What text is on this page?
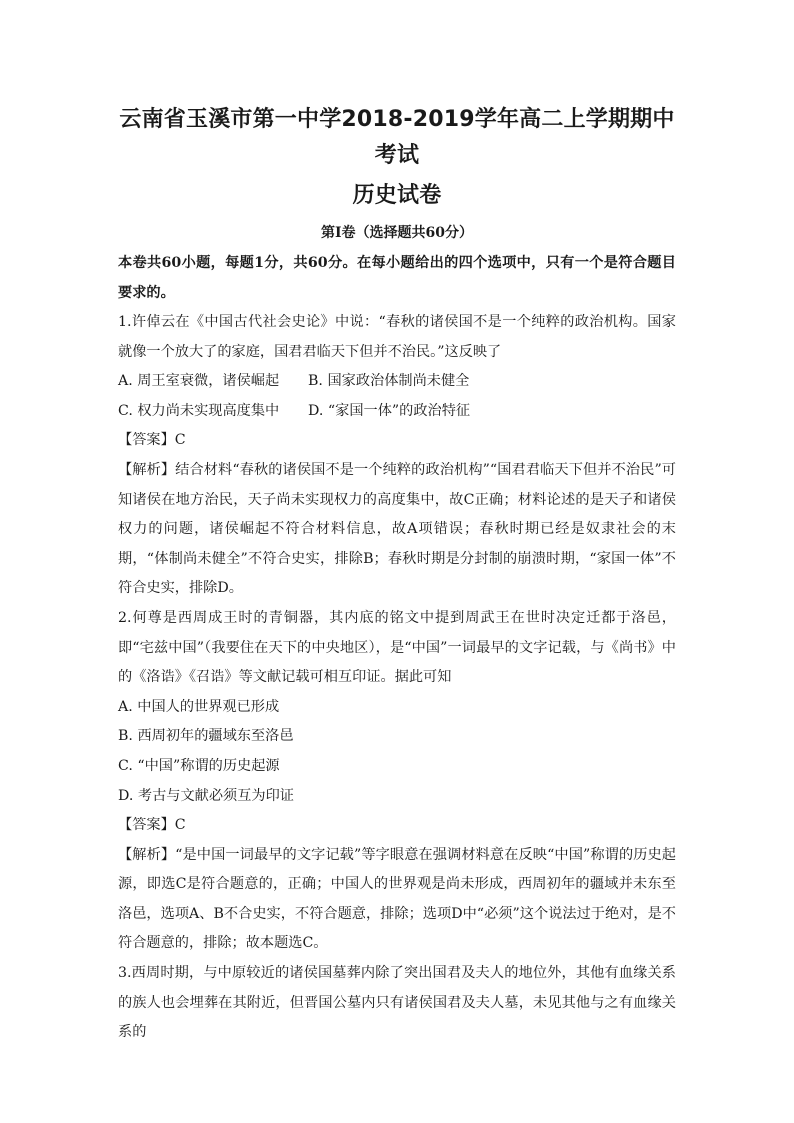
云南省玉溪市第一中学2018-2019学年高二上学期期中考试
历史试卷
第Ⅰ卷（选择题共60分）

本卷共60小题，每题1分，共60分。在每小题给出的四个选项中，只有一个是符合题目要求的。

1.许倬云在《中国古代社会史论》中说：“春秋的诸侯国不是一个纯粹的政治机构。国家就像一个放大了的家庭，国君君临天下但并不治民。”这反映了

A. 周王室衰微，诸侯崛起	B. 国家政治体制尚未健全

C. 权力尚未实现高度集中	D. “家国一体”的政治特征

【答案】C

【解析】结合材料“春秋的诸侯国不是一个纯粹的政治机构”“国君君临天下但并不治民”可知诸侯在地方治民，天子尚未实现权力的高度集中，故C正确；材料论述的是天子和诸侯权力的问题，诸侯崛起不符合材料信息，故A项错误；春秋时期已经是奴隶社会的末期，“体制尚未健全”不符合史实，排除B；春秋时期是分封制的崩溃时期，“家国一体”不符合史实，排除D。

2.何尊是西周成王时的青铜器，其内底的铭文中提到周武王在世时决定迁都于洛邑，即“宅兹中国”（我要住在天下的中央地区），是“中国”一词最早的文字记载，与《尚书》中的《洛诰》《召诰》等文献记载可相互印证。据此可知

A. 中国人的世界观已形成

B. 西周初年的疆域东至洛邑

C. “中国”称谓的历史起源

D. 考古与文献必须互为印证

【答案】C

【解析】“是中国一词最早的文字记载”等字眼意在强调材料意在反映“中国”称谓的历史起源，即选C是符合题意的，正确；中国人的世界观是尚未形成，西周初年的疆域并未东至洛邑，选项A、B不合史实，不符合题意，排除；选项D中“必须”这个说法过于绝对，是不符合题意的，排除；故本题选C。

3.西周时期，与中原较近的诸侯国墓葬内除了突出国君及夫人的地位外，其他有血缘关系的族人也会埋葬在其附近，但晋国公墓内只有诸侯国君及夫人墓，未见其他与之有血缘关系的
